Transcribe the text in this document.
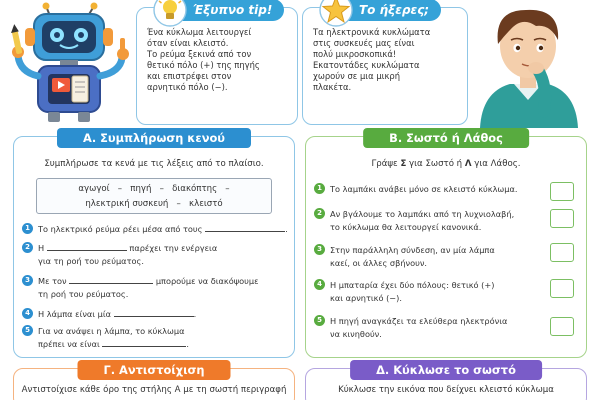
Έξυπνο tip!
Ένα κύκλωμα λειτουργεί
όταν είναι κλειστό.
Το ρεύμα ξεκινά από τον
θετικό πόλο (+) της πηγής
και επιστρέφει στον
αρνητικό πόλο (−).
Το ήξερες;
Τα ηλεκτρονικά κυκλώματα
στις συσκευές μας είναι
πολύ μικροσκοπικά!
Εκατοντάδες κυκλώματα
χωρούν σε μια μικρή
πλακέτα.
Α. Συμπλήρωση κενού
Συμπλήρωσε τα κενά με τις λέξεις από το πλαίσιο.
αγωγοί   –   πηγή   –   διακόπτης   –
ηλεκτρική συσκευή   –   κλειστό
1 Το ηλεκτρικό ρεύμα ρέει μέσα από τους	.
2 Η	παρέχει την ενέργεια
για τη ροή του ρεύματος.
3 Με τον	μπορούμε να διακόψουμε
τη ροή του ρεύματος.
4 Η λάμπα είναι μία	.
5 Για να ανάψει η λάμπα, το κύκλωμα
πρέπει να είναι	.
Β. Σωστό ή Λάθος
Γράψε Σ για Σωστό ή Λ για Λάθος.
1 Το λαμπάκι ανάβει μόνο σε κλειστό κύκλωμα.
2 Αν βγάλουμε το λαμπάκι από τη λυχνιολαβή,
το κύκλωμα θα λειτουργεί κανονικά.
3 Στην παράλληλη σύνδεση, αν μία λάμπα
καεί, οι άλλες σβήνουν.
4 Η μπαταρία έχει δύο πόλους: θετικό (+)
και αρνητικό (−).
5 Η πηγή αναγκάζει τα ελεύθερα ηλεκτρόνια
να κινηθούν.
Γ. Αντιστοίχιση
Αντιστοίχισε κάθε όρο της στήλης Α με τη σωστή περιγραφή
Δ. Κύκλωσε το σωστό
Κύκλωσε την εικόνα που δείχνει κλειστό κύκλωμα
